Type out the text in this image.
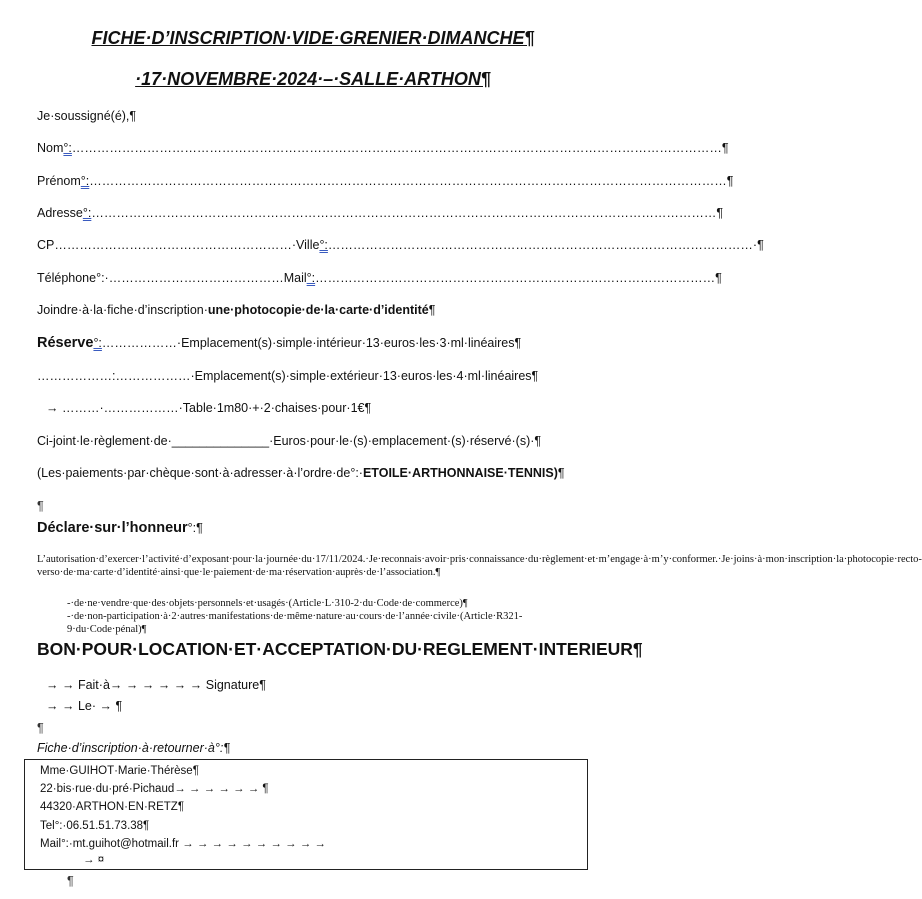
FICHE·D’INSCRIPTION·VIDE·GRENIER·DIMANCHE¶
·17·NOVEMBRE·2024·–·SALLE·ARTHON¶
Je·soussigné(é),¶
Nom°:…………………………………………………………………………………………………………………………………………¶
Prénom°:………………………………………………………………………………………………………………………………………¶
Adresse°:……………………………………………………………………………………………………………………………………¶
CP…………………………………………………·Ville°:…………………………………………………………………………………………·¶
Téléphone°:·……………………………………Mail°:……………………………………………………………………………………¶
Joindre·à·la·fiche·d’inscription·une·photocopie·de·la·carte·d’identité¶
Réserve°:………………·Emplacement(s)·simple·intérieur·13·euros·les·3·ml·linéaires¶
………………:………………·Emplacement(s)·simple·extérieur·13·euros·les·4·ml·linéaires¶
→ ………·………………·Table·1m80·+·2·chaises·pour·1€¶
Ci-joint·le·règlement·de·______________·Euros·pour·le·(s)·emplacement·(s)·réservé·(s)·¶
(Les·paiements·par·chèque·sont·à·adresser·à·l’ordre·de°:·ETOILE·ARTHONNAISE·TENNIS)¶
¶
Déclare·sur·l’honneur°:¶
L’autorisation·d’exercer·l’activité·d’exposant·pour·la·journée·du·17/11/2024.·Je·reconnais·avoir·pris·connaissance·du·règlement·et·m’engage·à·m’y·conformer.·Je·joins·à·mon·inscription·la·photocopie·recto-verso·de·ma·carte·d’identité·ainsi·que·le·paiement·de·ma·réservation·auprès·de·l’association.¶
-·de·ne·vendre·que·des·objets·personnels·et·usagés·(Article·L·310-2·du·Code·de·commerce)¶
-·de·non-participation·à·2·autres·manifestations·de·même·nature·au·cours·de·l’année·civile·(Article·R321-9·du·Code·pénal)¶
BON·POUR·LOCATION·ET·ACCEPTATION·DU·REGLEMENT·INTERIEUR¶
→ → Fait·à→ → → → → → Signature¶
→ → Le· → ¶
¶
Fiche·d’inscription·à·retourner·à°:¶
Mme·GUIHOT·Marie·Thérèse¶
22·bis·rue·du·pré·Pichaud→ → → → → → ¶
44320·ARTHON·EN·RETZ¶
Tel°:·06.51.51.73.38¶
Mail°:·mt.guihot@hotmail.fr → → → → → → → → → →
→ ¤
¶
